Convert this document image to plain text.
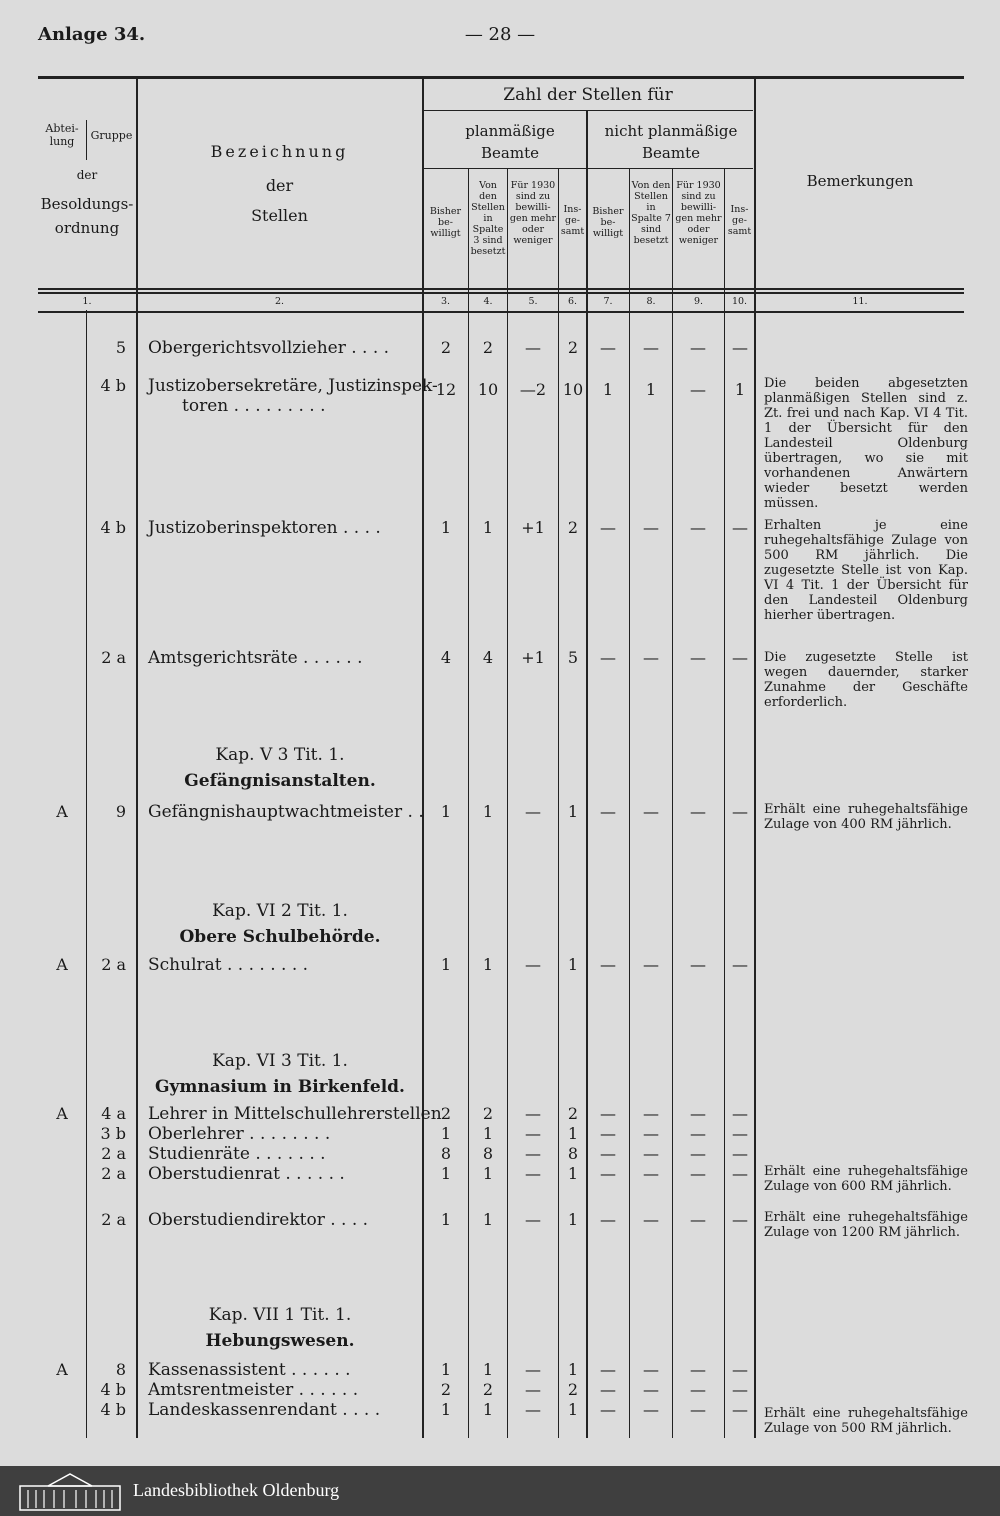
Anlage 34.	— 28 —
Abtei-lung	Gruppe
der
Besoldungs-ordnung
Bezeichnung
der
Stellen
Zahl der Stellen für
planmäßige Beamte
nicht planmäßige Beamte
Bisher be-willigt
Von den Stellen in Spalte 3 sind besetzt
Für 1930 sind zu bewilli-gen mehr oder weniger
Ins-ge-samt
Bisher be-willigt
Von den Stellen in Spalte 7 sind besetzt
Für 1930 sind zu bewilli-gen mehr oder weniger
Ins-ge-samt
Bemerkungen
1.	2.	3.	4.	5.	6.	7.	8.	9.	10.	11.
Kap. V 3 Tit. 1.
Gefängnisanstalten.
Kap. VI 2 Tit. 1.
Obere Schulbehörde.
Kap. VI 3 Tit. 1.
Gymnasium in Birkenfeld.
Kap. VII 1 Tit. 1.
Hebungswesen.
5 Obergerichtsvollzieher . . . .	2	2	—	2	—	—	—	—
4 b Justizobersekretäre, Justizinspek-
toren . . . . . . . . .
12	10	—2	10	1	1	—	1	Die beiden abgesetzten planmäßigen Stellen sind z. Zt. frei und nach Kap. VI 4 Tit. 1 der Übersicht für den Landesteil Oldenburg übertragen, wo sie mit vorhandenen Anwärtern wieder besetzt werden müssen.
4 b Justizoberinspektoren . . . .	1	1	+1	2	—	—	—	—	Erhalten je eine ruhegehaltsfähige Zulage von 500 RM jährlich. Die zugesetzte Stelle ist von Kap. VI 4 Tit. 1 der Übersicht für den Landesteil Oldenburg hierher übertragen.
2 a Amtsgerichtsräte . . . . . .	4	4	+1	5	—	—	—	—	Die zugesetzte Stelle ist wegen dauernder, starker Zunahme der Geschäfte erforderlich.
A	9 Gefängnishauptwachtmeister . .	1	1	—	1	—	—	—	—	Erhält eine ruhegehaltsfähige Zulage von 400 RM jährlich.
A	2 a Schulrat . . . . . . . .	1	1	—	1	—	—	—	—
A	4 a Lehrer in Mittelschullehrerstellen 2	2	—	2	—	—	—	—
3 b Oberlehrer . . . . . . . .	1	1	—	1	—	—	—	—
2 a Studienräte . . . . . . .	8	8	—	8	—	—	—	—
2 a Oberstudienrat . . . . . .	1	1	—	1	—	—	—	—	Erhält eine ruhegehaltsfähige Zulage von 600 RM jährlich.
2 a Oberstudiendirektor . . . .	1	1	—	1	—	—	—	—	Erhält eine ruhegehaltsfähige Zulage von 1200 RM jährlich.
A	8 Kassenassistent . . . . . .	1	1	—	1	—	—	—	—
4 b Amtsrentmeister . . . . . .	2	2	—	2	—	—	—	—
4 b Landeskassenrendant . . . .	1	1	—	1	—	—	—	—	Erhält eine ruhegehaltsfähige Zulage von 500 RM jährlich.
Landesbibliothek Oldenburg
